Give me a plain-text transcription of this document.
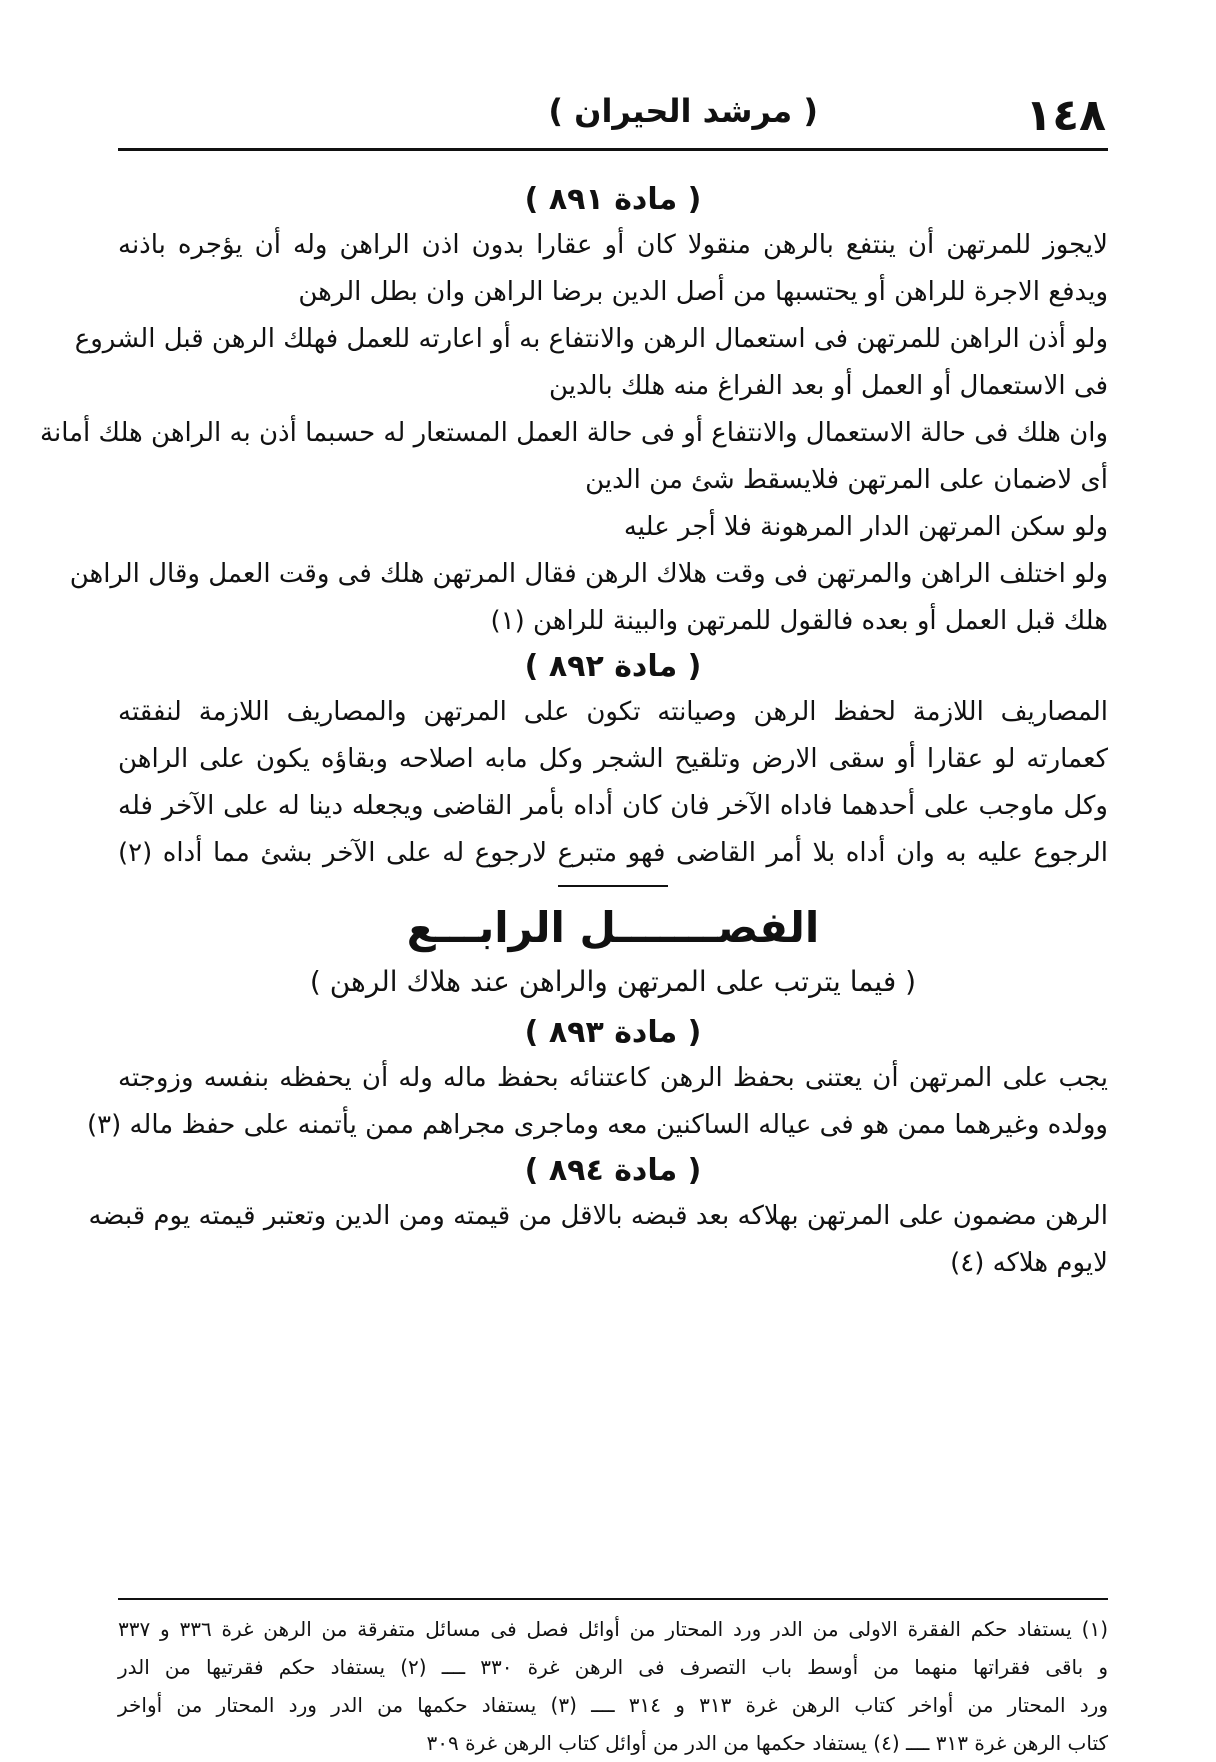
١٤٨
( مرشد الحيران )

( مادة ٨٩١ )

لايجوز للمرتهن أن ينتفع بالرهن منقولا كان أو عقارا بدون اذن الراهن وله أن يؤجره باذنه

ويدفع الاجرة للراهن أو يحتسبها من أصل الدين برضا الراهن وان بطل الرهن

ولو أذن الراهن للمرتهن فى استعمال الرهن والانتفاع به أو اعارته للعمل فهلك الرهن قبل الشروع

فى الاستعمال أو العمل أو بعد الفراغ منه هلك بالدين

وان هلك فى حالة الاستعمال والانتفاع أو فى حالة العمل المستعار له حسبما أذن به الراهن هلك أمانة

أى لاضمان على المرتهن فلايسقط شئ من الدين

ولو سكن المرتهن الدار المرهونة فلا أجر عليه

ولو اختلف الراهن والمرتهن فى وقت هلاك الرهن فقال المرتهن هلك فى وقت العمل وقال الراهن

هلك قبل العمل أو بعده فالقول للمرتهن والبينة للراهن (١)

( مادة ٨٩٢ )

المصاريف اللازمة لحفظ الرهن وصيانته تكون على المرتهن والمصاريف اللازمة لنفقته

كعمارته لو عقارا أو سقى الارض وتلقيح الشجر وكل مابه اصلاحه وبقاؤه يكون على الراهن

وكل ماوجب على أحدهما فاداه الآخر فان كان أداه بأمر القاضى ويجعله دينا له على الآخر فله

الرجوع عليه به وان أداه بلا أمر القاضى فهو متبرع لارجوع له على الآخر بشئ مما أداه (٢)

الفصـــــــل الرابـــع

( فيما يترتب على المرتهن والراهن عند هلاك الرهن )

( مادة ٨٩٣ )

يجب على المرتهن أن يعتنى بحفظ الرهن كاعتنائه بحفظ ماله وله أن يحفظه بنفسه وزوجته

وولده وغيرهما ممن هو فى عياله الساكنين معه وماجرى مجراهم ممن يأتمنه على حفظ ماله (٣)

( مادة ٨٩٤ )

الرهن مضمون على المرتهن بهلاكه بعد قبضه بالاقل من قيمته ومن الدين وتعتبر قيمته يوم قبضه

لايوم هلاكه (٤)

(١) يستفاد حكم الفقرة الاولى من الدر ورد المحتار من أوائل فصل فى مسائل متفرقة من الرهن غرة ٣٣٦ و ٣٣٧

و باقى فقراتها منهما من أوسط باب التصرف فى الرهن غرة ٣٣٠ ــــ (٢) يستفاد حكم فقرتيها من الدر

ورد المحتار من أواخر كتاب الرهن غرة ٣١٣ و ٣١٤ ــــ (٣) يستفاد حكمها من الدر ورد المحتار من أواخر

كتاب الرهن غرة ٣١٣ ــــ (٤) يستفاد حكمها من الدر من أوائل كتاب الرهن غرة ٣٠٩
